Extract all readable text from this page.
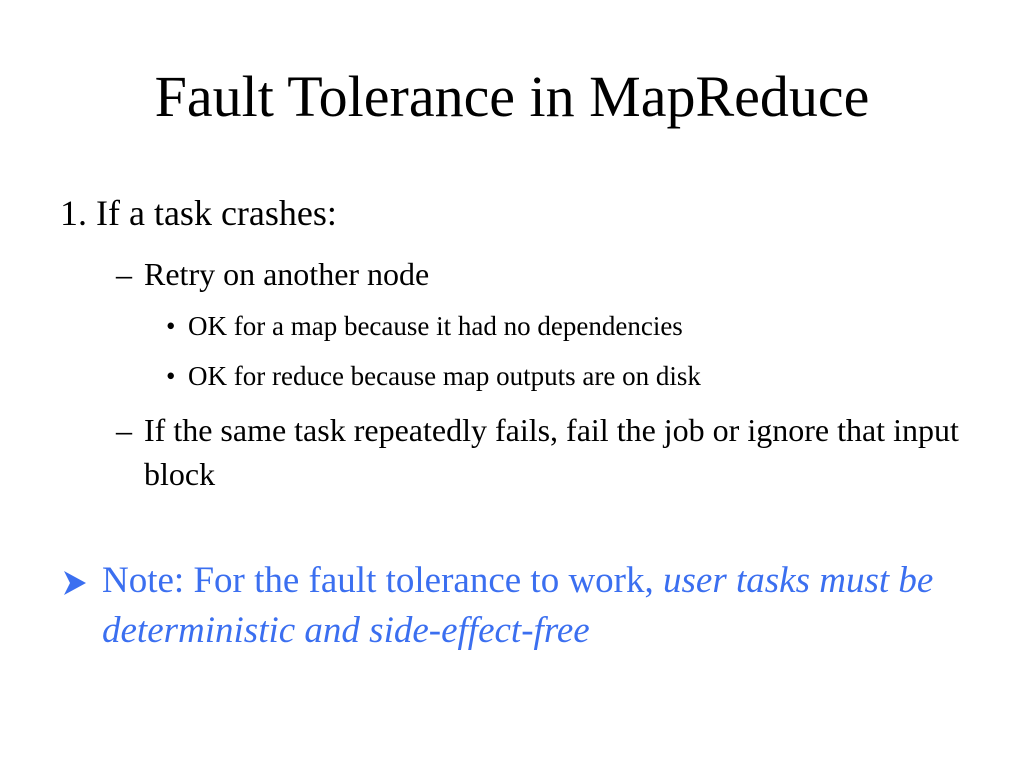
Fault Tolerance in MapReduce
1. If a task crashes:
– Retry on another node
• OK for a map because it had no dependencies
• OK for reduce because map outputs are on disk
– If the same task repeatedly fails, fail the job or ignore that input block
Note: For the fault tolerance to work, user tasks must be deterministic and side-effect-free
